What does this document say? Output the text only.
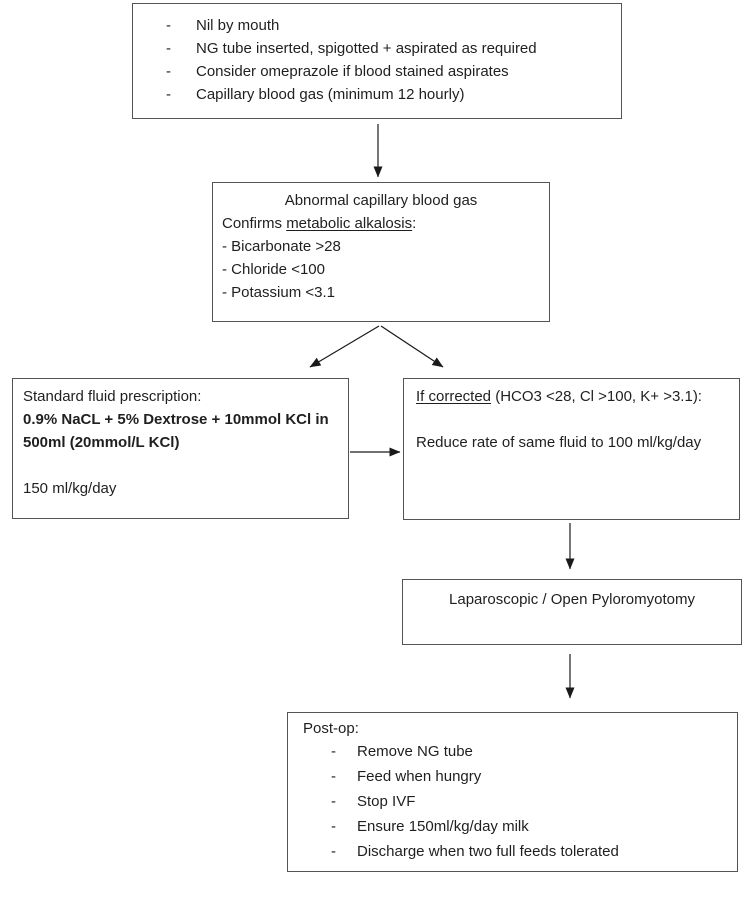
-	Nil by mouth
-	NG tube inserted, spigotted + aspirated as required
-	Consider omeprazole if blood stained aspirates
-	Capillary blood gas (minimum 12 hourly)
Abnormal capillary blood gas
Confirms metabolic alkalosis:
- Bicarbonate >28
- Chloride <100
- Potassium <3.1
Standard fluid prescription:
0.9% NaCL + 5% Dextrose + 10mmol KCl in
500ml (20mmol/L KCl)
150 ml/kg/day
If corrected (HCO3 <28, Cl >100, K+ >3.1):
Reduce rate of same fluid to 100 ml/kg/day
Laparoscopic / Open Pyloromyotomy
Post-op:
-	Remove NG tube
-	Feed when hungry
-	Stop IVF
-	Ensure 150ml/kg/day milk
-	Discharge when two full feeds tolerated
